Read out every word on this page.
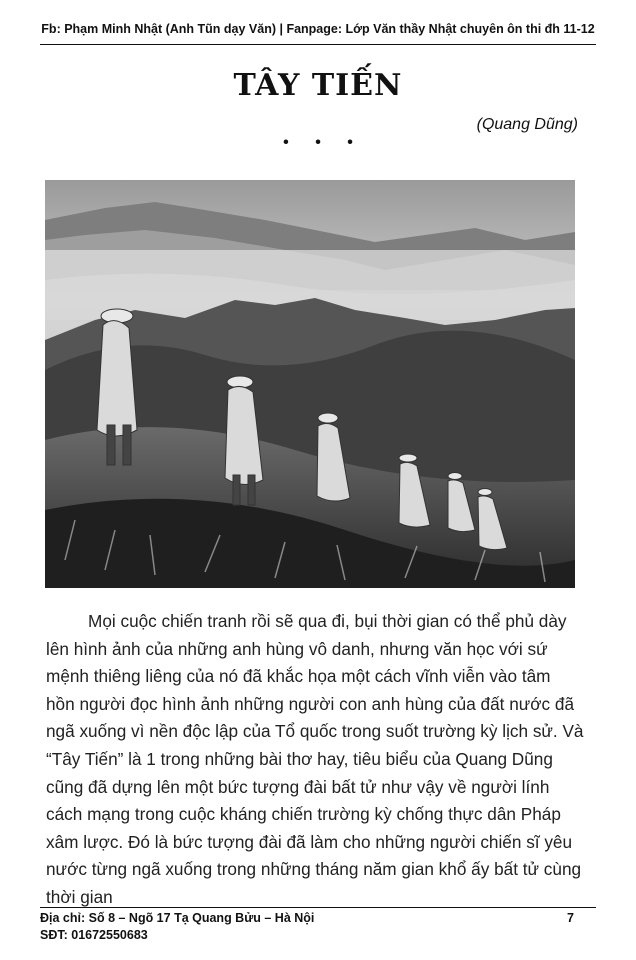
Fb: Phạm Minh Nhật (Anh Tũn dạy Văn) | Fanpage: Lớp Văn thầy Nhật chuyên ôn thi đh 11-12
TÂY TIẾN
(Quang Dũng)
• • •

Mọi cuộc chiến tranh rồi sẽ qua đi, bụi thời gian có thể phủ dày
lên hình ảnh của những anh hùng vô danh, nhưng văn học với sứ
mệnh thiêng liêng của nó đã khắc họa một cách vĩnh viễn vào tâm
hồn người đọc hình ảnh những người con anh hùng của đất nước đã
ngã xuống vì nền độc lập của Tổ quốc trong suốt trường kỳ lịch sử. Và
“Tây Tiến” là 1 trong những bài thơ hay, tiêu biểu của Quang Dũng
cũng đã dựng lên một bức tượng đài bất tử như vậy về người lính
cách mạng trong cuộc kháng chiến trường kỳ chống thực dân Pháp
xâm lược. Đó là bức tượng đài đã làm cho những người chiến sĩ yêu
nước từng ngã xuống trong những tháng năm gian khổ ấy bất tử cùng
thời gian

Địa chỉ: Số 8 – Ngõ 17 Tạ Quang Bửu – Hà Nội
SĐT: 01672550683
7
